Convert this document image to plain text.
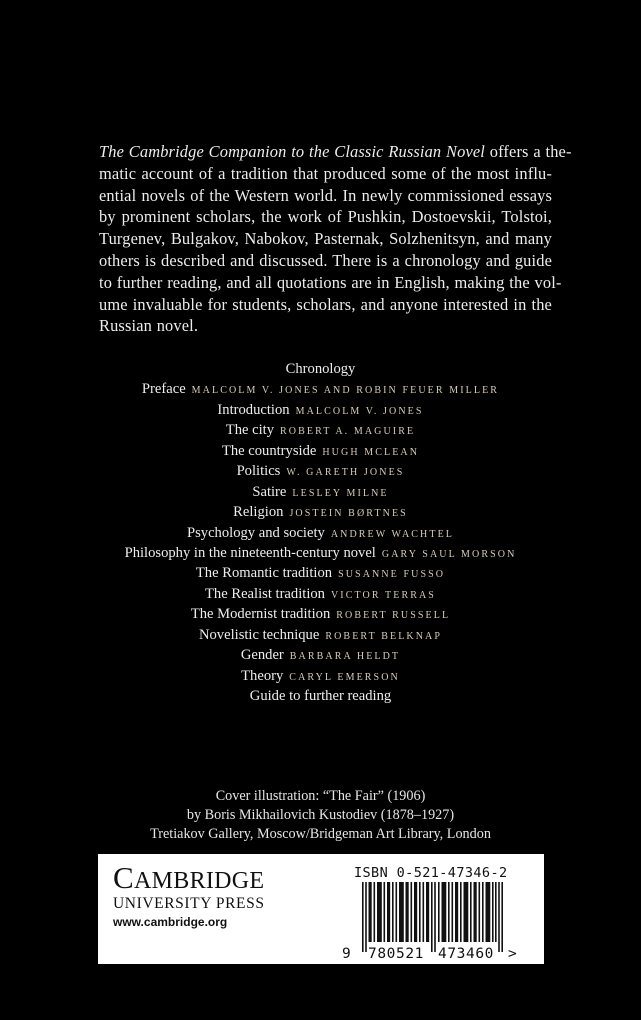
The Cambridge Companion to the Classic Russian Novel offers a the-
matic account of a tradition that produced some of the most influ-
ential novels of the Western world. In newly commissioned essays
by prominent scholars, the work of Pushkin, Dostoevskii, Tolstoi,
Turgenev, Bulgakov, Nabokov, Pasternak, Solzhenitsyn, and many
others is described and discussed. There is a chronology and guide
to further reading, and all quotations are in English, making the vol-
ume invaluable for students, scholars, and anyone interested in the
Russian novel.
Chronology
Preface MALCOLM V. JONES AND ROBIN FEUER MILLER
Introduction MALCOLM V. JONES
The city ROBERT A. MAGUIRE
The countryside HUGH MCLEAN
Politics W. GARETH JONES
Satire LESLEY MILNE
Religion JOSTEIN BØRTNES
Psychology and society ANDREW WACHTEL
Philosophy in the nineteenth-century novel GARY SAUL MORSON
The Romantic tradition SUSANNE FUSSO
The Realist tradition VICTOR TERRAS
The Modernist tradition ROBERT RUSSELL
Novelistic technique ROBERT BELKNAP
Gender BARBARA HELDT
Theory CARYL EMERSON
Guide to further reading
Cover illustration: “The Fair” (1906)
by Boris Mikhailovich Kustodiev (1878–1927)
Tretiakov Gallery, Moscow/Bridgeman Art Library, London
CAMBRIDGE
UNIVERSITY PRESS
www.cambridge.org
ISBN 0-521-47346-2
9 780521 473460 >
